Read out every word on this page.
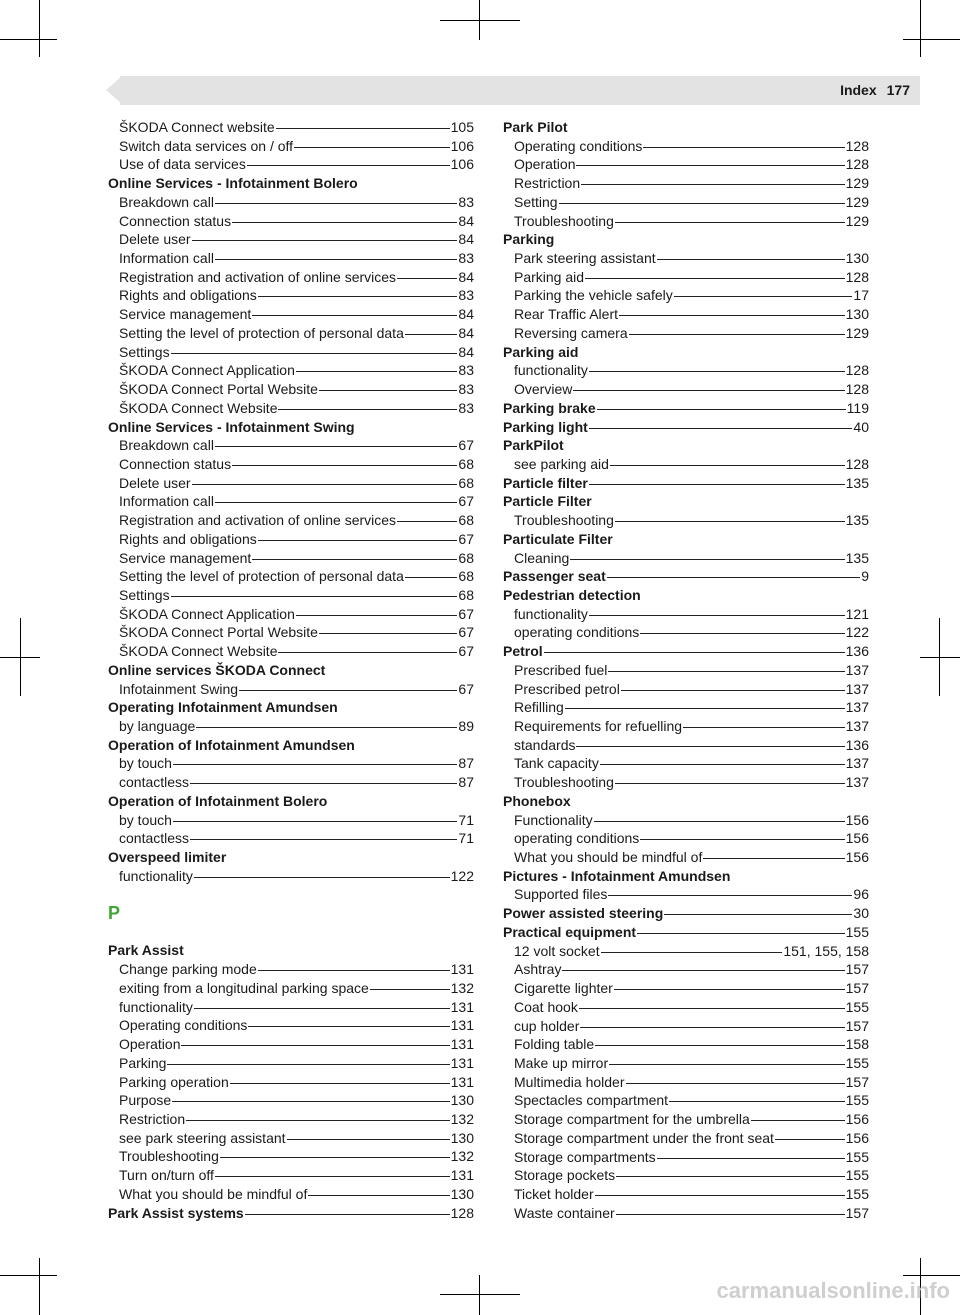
Index 177
ŠKODA Connect website	105
Switch data services on / off	106
Use of data services	106
Online Services - Infotainment Bolero
Breakdown call	83
Connection status	84
Delete user	84
Information call	83
Registration and activation of online services	84
Rights and obligations	83
Service management	84
Setting the level of protection of personal data	84
Settings	84
ŠKODA Connect Application	83
ŠKODA Connect Portal Website	83
ŠKODA Connect Website	83
Online Services - Infotainment Swing
Breakdown call	67
Connection status	68
Delete user	68
Information call	67
Registration and activation of online services	68
Rights and obligations	67
Service management	68
Setting the level of protection of personal data	68
Settings	68
ŠKODA Connect Application	67
ŠKODA Connect Portal Website	67
ŠKODA Connect Website	67
Online services ŠKODA Connect
Infotainment Swing	67
Operating Infotainment Amundsen
by language	89
Operation of Infotainment Amundsen
by touch	87
contactless	87
Operation of Infotainment Bolero
by touch	71
contactless	71
Overspeed limiter
functionality	122
P
Park Assist
Change parking mode	131
exiting from a longitudinal parking space	132
functionality	131
Operating conditions	131
Operation	131
Parking	131
Parking operation	131
Purpose	130
Restriction	132
see park steering assistant	130
Troubleshooting	132
Turn on/turn off	131
What you should be mindful of	130
Park Assist systems	128
Park Pilot
Operating conditions	128
Operation	128
Restriction	129
Setting	129
Troubleshooting	129
Parking
Park steering assistant	130
Parking aid	128
Parking the vehicle safely	17
Rear Traffic Alert	130
Reversing camera	129
Parking aid
functionality	128
Overview	128
Parking brake	119
Parking light	40
ParkPilot
see parking aid	128
Particle filter	135
Particle Filter
Troubleshooting	135
Particulate Filter
Cleaning	135
Passenger seat	9
Pedestrian detection
functionality	121
operating conditions	122
Petrol	136
Prescribed fuel	137
Prescribed petrol	137
Refilling	137
Requirements for refuelling	137
standards	136
Tank capacity	137
Troubleshooting	137
Phonebox
Functionality	156
operating conditions	156
What you should be mindful of	156
Pictures - Infotainment Amundsen
Supported files	96
Power assisted steering	30
Practical equipment	155
12 volt socket	151, 155, 158
Ashtray	157
Cigarette lighter	157
Coat hook	155
cup holder	157
Folding table	158
Make up mirror	155
Multimedia holder	157
Spectacles compartment	155
Storage compartment for the umbrella	156
Storage compartment under the front seat	156
Storage compartments	155
Storage pockets	155
Ticket holder	155
Waste container	157
carmanualsonline.info
